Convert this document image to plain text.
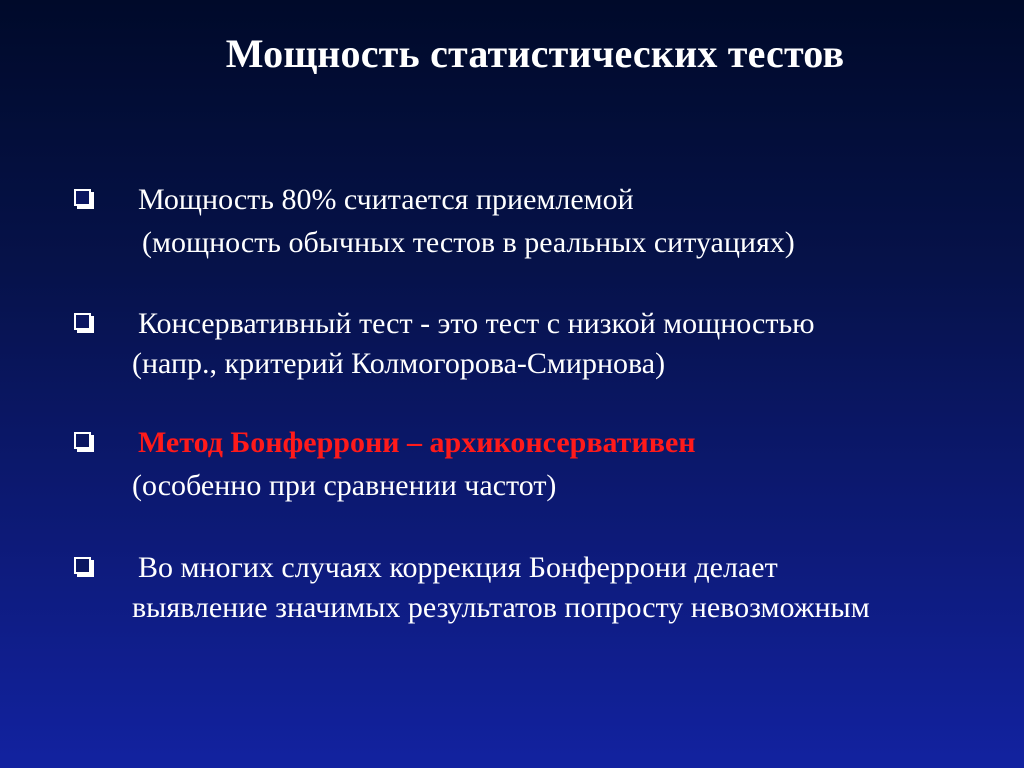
Мощность статистических тестов
Мощность 80% считается приемлемой
(мощность обычных тестов в реальных ситуациях)
Консервативный тест - это тест с низкой мощностью
(напр., критерий Колмогорова-Смирнова)
Метод Бонферрони – архиконсервативен
(особенно при сравнении частот)
Во многих случаях коррекция Бонферрони делает
выявление значимых результатов попросту невозможным
